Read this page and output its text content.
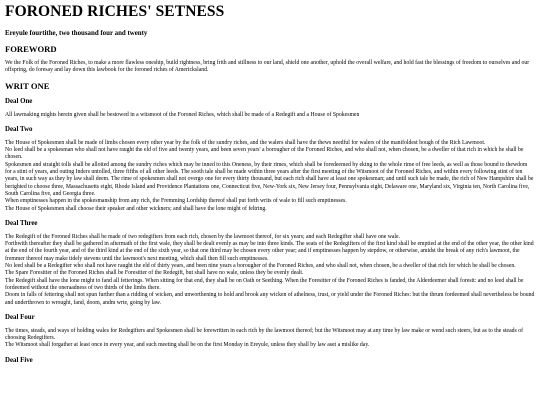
FORONED RICHES' SETNESS
Ereyule fourtithe, two thousand four and twenty
FOREWORD

We the Folk of the Foroned Riches, to make a more flawless oneship, build rightness, bring frith and stillness to our land, shield one another, uphold the overall welfare, and hold fast the blessings of freedom to ourselves and our offspring, do foresay and lay down this lawbook for the foroned riches of Americksland.

WRIT ONE
Deal One

All lawmaking mights herein given shall be bestowed in a witsmoot of the Foroned Riches, which shall be made of a Redegift and a House of Spokesmen

Deal Two
The House of Spokesmen shall be made of limbs chosen every other year by the folk of the sundry riches, and the walers shall have the thews needful for walers of the manifoldest bough of the Rich Lawmoot.
No leed shall be a spokesman who shall not have raught the eld of five and twenty years, and been seven years' a borougher of the Foroned Riches, and who shall not, when chosen, be a dweller of that rich in which he shall be chosen.
Spokesmen and straight tolls shall be allotted among the sundry riches which may be inned to this Oneness, by their rimes, which shall be foredeemed by eking to the whole rime of free leeds, as well as those bound to thewdom for a stint of years, and outing Inders untolled, three fifths of all other leeds. The sooth tale shall be made within three years after the first meeting of the Witsmoot of the Foroned Riches, and within every following stint of ten years, in such way as they by law shall deem. The rime of spokesmen shall not overgo one for every thirty thousand, but each rich shall have at least one spokesman; and until such tale be made, the rich of New Hampshire shall be berighted to choose three, Massachusetts eight, Rhode Island and Providence Plantations one, Connecticut five, New-York six, New Jersey four, Pennsylvania eight, Delaware one, Maryland six, Virginia ten, North Carolina five, South Carolina five, and Georgia three.
When emptinesses happen in the spokesmanship from any rich, the Fremming Lordship thereof shall put forth writs of wale to fill such emptinesses.
The House of Spokesmen shall choose their speaker and other wickners; and shall have the lone might of feltring.
Deal Three
The Redegift of the Foroned Riches shall be made of two redegifters from each rich, chosen by the lawmoot thereof, for six years; and each Redegifter shall have one wale.
Forthwith thereafter they shall be gathered in aftermath of the first wale, they shall be dealt evenly as may be into three kinds. The seats of the Redegifters of the first kind shall be emptied at the end of the other year, the other kind at the end of the fourth year, and of the third kind at the end of the sixth year, so that one third may be chosen every other year; and if emptinesses happen by stepdow, or otherwise, amidst the break of any rich's lawmoot, the fremmer thereof may make tidely stevens until the lawmoot's next meeting, which shall then fill such emptinesses.
No leed shall be a Redegifter who shall not have raught the eld of thirty years, and been nine years a borougher of the Foroned Riches, and who shall not, when chosen, be a dweller of that rich for which he shall be chosen.
The Spare Foresitter of the Foroned Riches shall be Foresitter of the Redegift, but shall have no wale, unless they be evenly dealt.
The Redegift shall have the lone might to fand all fetterings. When sitting for that end, they shall be on Oath or Seething. When the Foresitter of the Foroned Riches is fanded, the Alderdeemer shall forestt: and no leed shall be fordeemed without the oneraadness of two thirds of the limbs there.
Doom in falls of fettering shall not spun further than a ridding of wicken, and unworthening to hold and brook any wicken of athelness, trust, or yield under the Foroned Riches: but the thrum fordeemed shall nevertheless be bound and underthrown to wrought, fand, doom, andm wrte, going by law.
Deal Four
The times, steads, and ways of holding wales for Redegifters and Spokesmen shall be forewritten in each rich by the lawmoot thereof; but the Witsmoot may at any time by law make or wend such steers, but as to the steads of choosing Redegifters.
The Witsmoot shall forgather at least once in every year, and such meeting shall be on the first Monday in Ereyule, unless they shall by law aset a mislike day.
Deal Five
